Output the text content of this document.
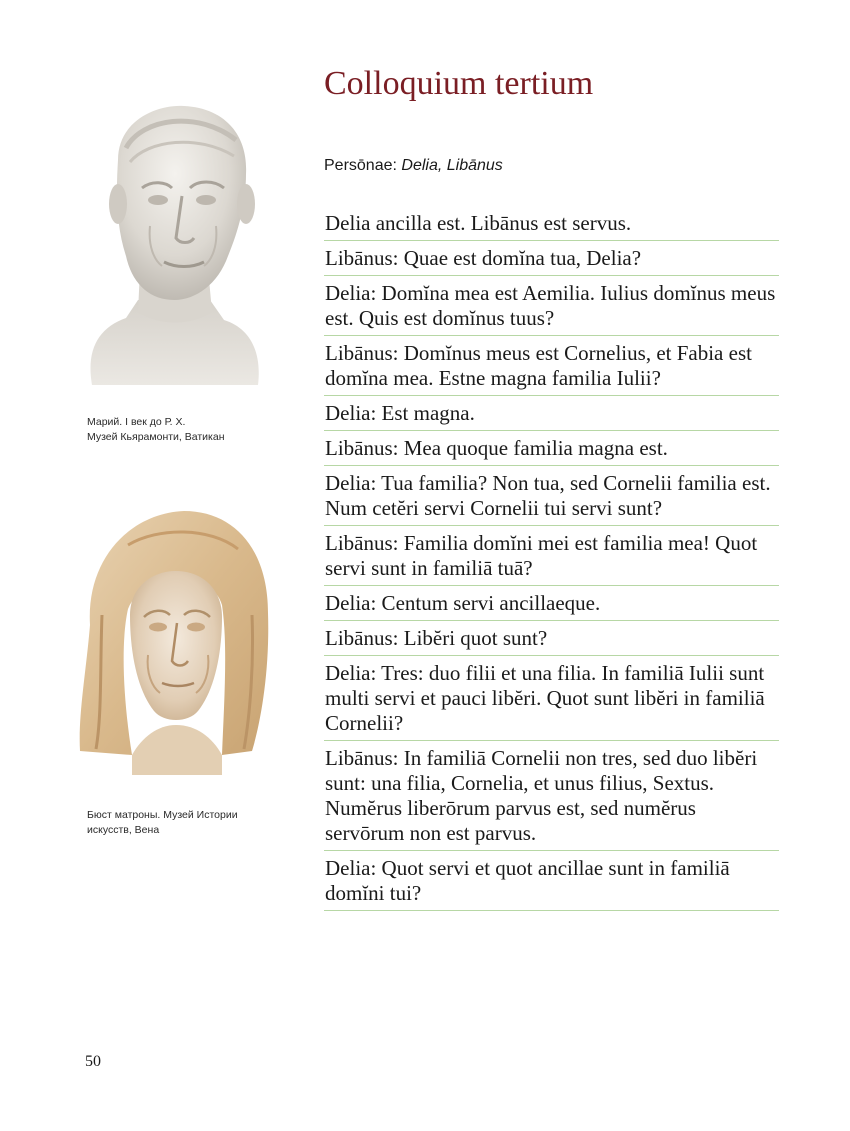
Colloquium tertium
Persōnae: Delia, Libānus
Delia ancilla est. Libānus est servus.
Libānus: Quae est domĭna tua, Delia?
Delia: Domĭna mea est Aemilia. Iulius domĭnus meus est. Quis est domĭnus tuus?
Libānus: Domĭnus meus est Cornelius, et Fabia est domĭna mea. Estne magna familia Iulii?
Delia: Est magna.
Libānus: Mea quoque familia magna est.
Delia: Tua familia? Non tua, sed Cornelii familia est. Num cetĕri servi Cornelii tui servi sunt?
Libānus: Familia domĭni mei est familia mea! Quot servi sunt in familiā tuā?
Delia: Centum servi ancillaeque.
Libānus: Libĕri quot sunt?
Delia: Tres: duo filii et una filia. In familiā Iulii sunt multi servi et pauci libĕri. Quot sunt libĕri in familiā Cornelii?
Libānus: In familiā Cornelii non tres, sed duo libĕri sunt: una filia, Cornelia, et unus filius, Sextus. Numĕrus liberōrum parvus est, sed numĕrus servōrum non est parvus.
Delia: Quot servi et quot ancillae sunt in familiā domĭni tui?
Марий. I век до Р. Х.
Музей Кьярамонти, Ватикан
Бюст матроны. Музей Истории
искусств, Вена
50
